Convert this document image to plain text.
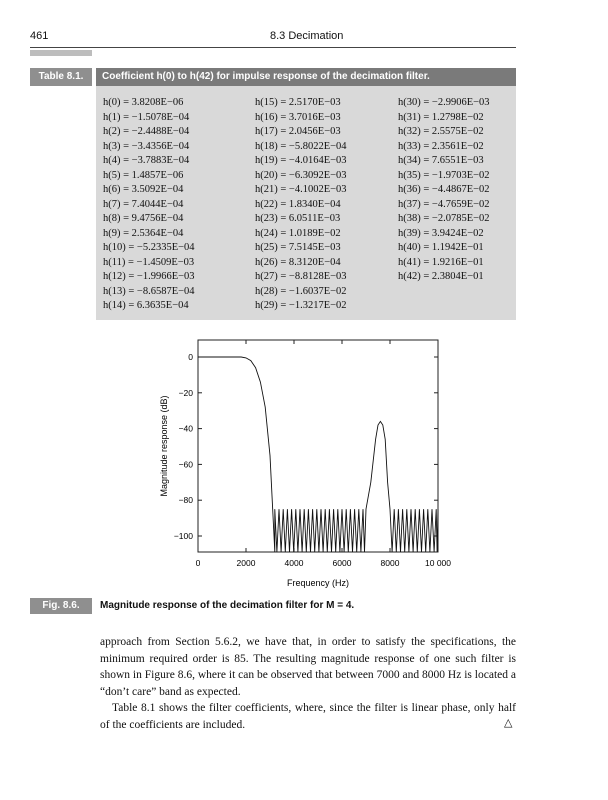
461	8.3 Decimation
Table 8.1.	Coefficient h(0) to h(42) for impulse response of the decimation filter.
h(0) = 3.8208E−06
h(1) = −1.5078E−04
h(2) = −2.4488E−04
h(3) = −3.4356E−04
h(4) = −3.7883E−04
h(5) = 1.4857E−06
h(6) = 3.5092E−04
h(7) = 7.4044E−04
h(8) = 9.4756E−04
h(9) = 2.5364E−04
h(10) = −5.2335E−04
h(11) = −1.4509E−03
h(12) = −1.9966E−03
h(13) = −8.6587E−04
h(14) = 6.3635E−04
h(15) = 2.5170E−03
h(16) = 3.7016E−03
h(17) = 2.0456E−03
h(18) = −5.8022E−04
h(19) = −4.0164E−03
h(20) = −6.3092E−03
h(21) = −4.1002E−03
h(22) = 1.8340E−04
h(23) = 6.0511E−03
h(24) = 1.0189E−02
h(25) = 7.5145E−03
h(26) = 8.3120E−04
h(27) = −8.8128E−03
h(28) = −1.6037E−02
h(29) = −1.3217E−02
h(30) = −2.9906E−03
h(31) = 1.2798E−02
h(32) = 2.5575E−02
h(33) = 2.3561E−02
h(34) = 7.6551E−03
h(35) = −1.9703E−02
h(36) = −4.4867E−02
h(37) = −4.7659E−02
h(38) = −2.0785E−02
h(39) = 3.9424E−02
h(40) = 1.1942E−01
h(41) = 1.9216E−01
h(42) = 2.3804E−01
0	2000	4000	6000	8000	10 000
0
−20
−40
−60
−80
−100
Frequency (Hz)
Magnitude response (dB)
Fig. 8.6.	Magnitude response of the decimation filter for M = 4.

approach from Section 5.6.2, we have that, in order to satisfy the specifications, the minimum required order is 85. The resulting magnitude response of one such filter is shown in Figure 8.6, where it can be observed that between 7000 and 8000 Hz is located a “don’t care” band as expected.

Table 8.1 shows the filter coefficients, where, since the filter is linear phase, only half of the coefficients are included.	△
